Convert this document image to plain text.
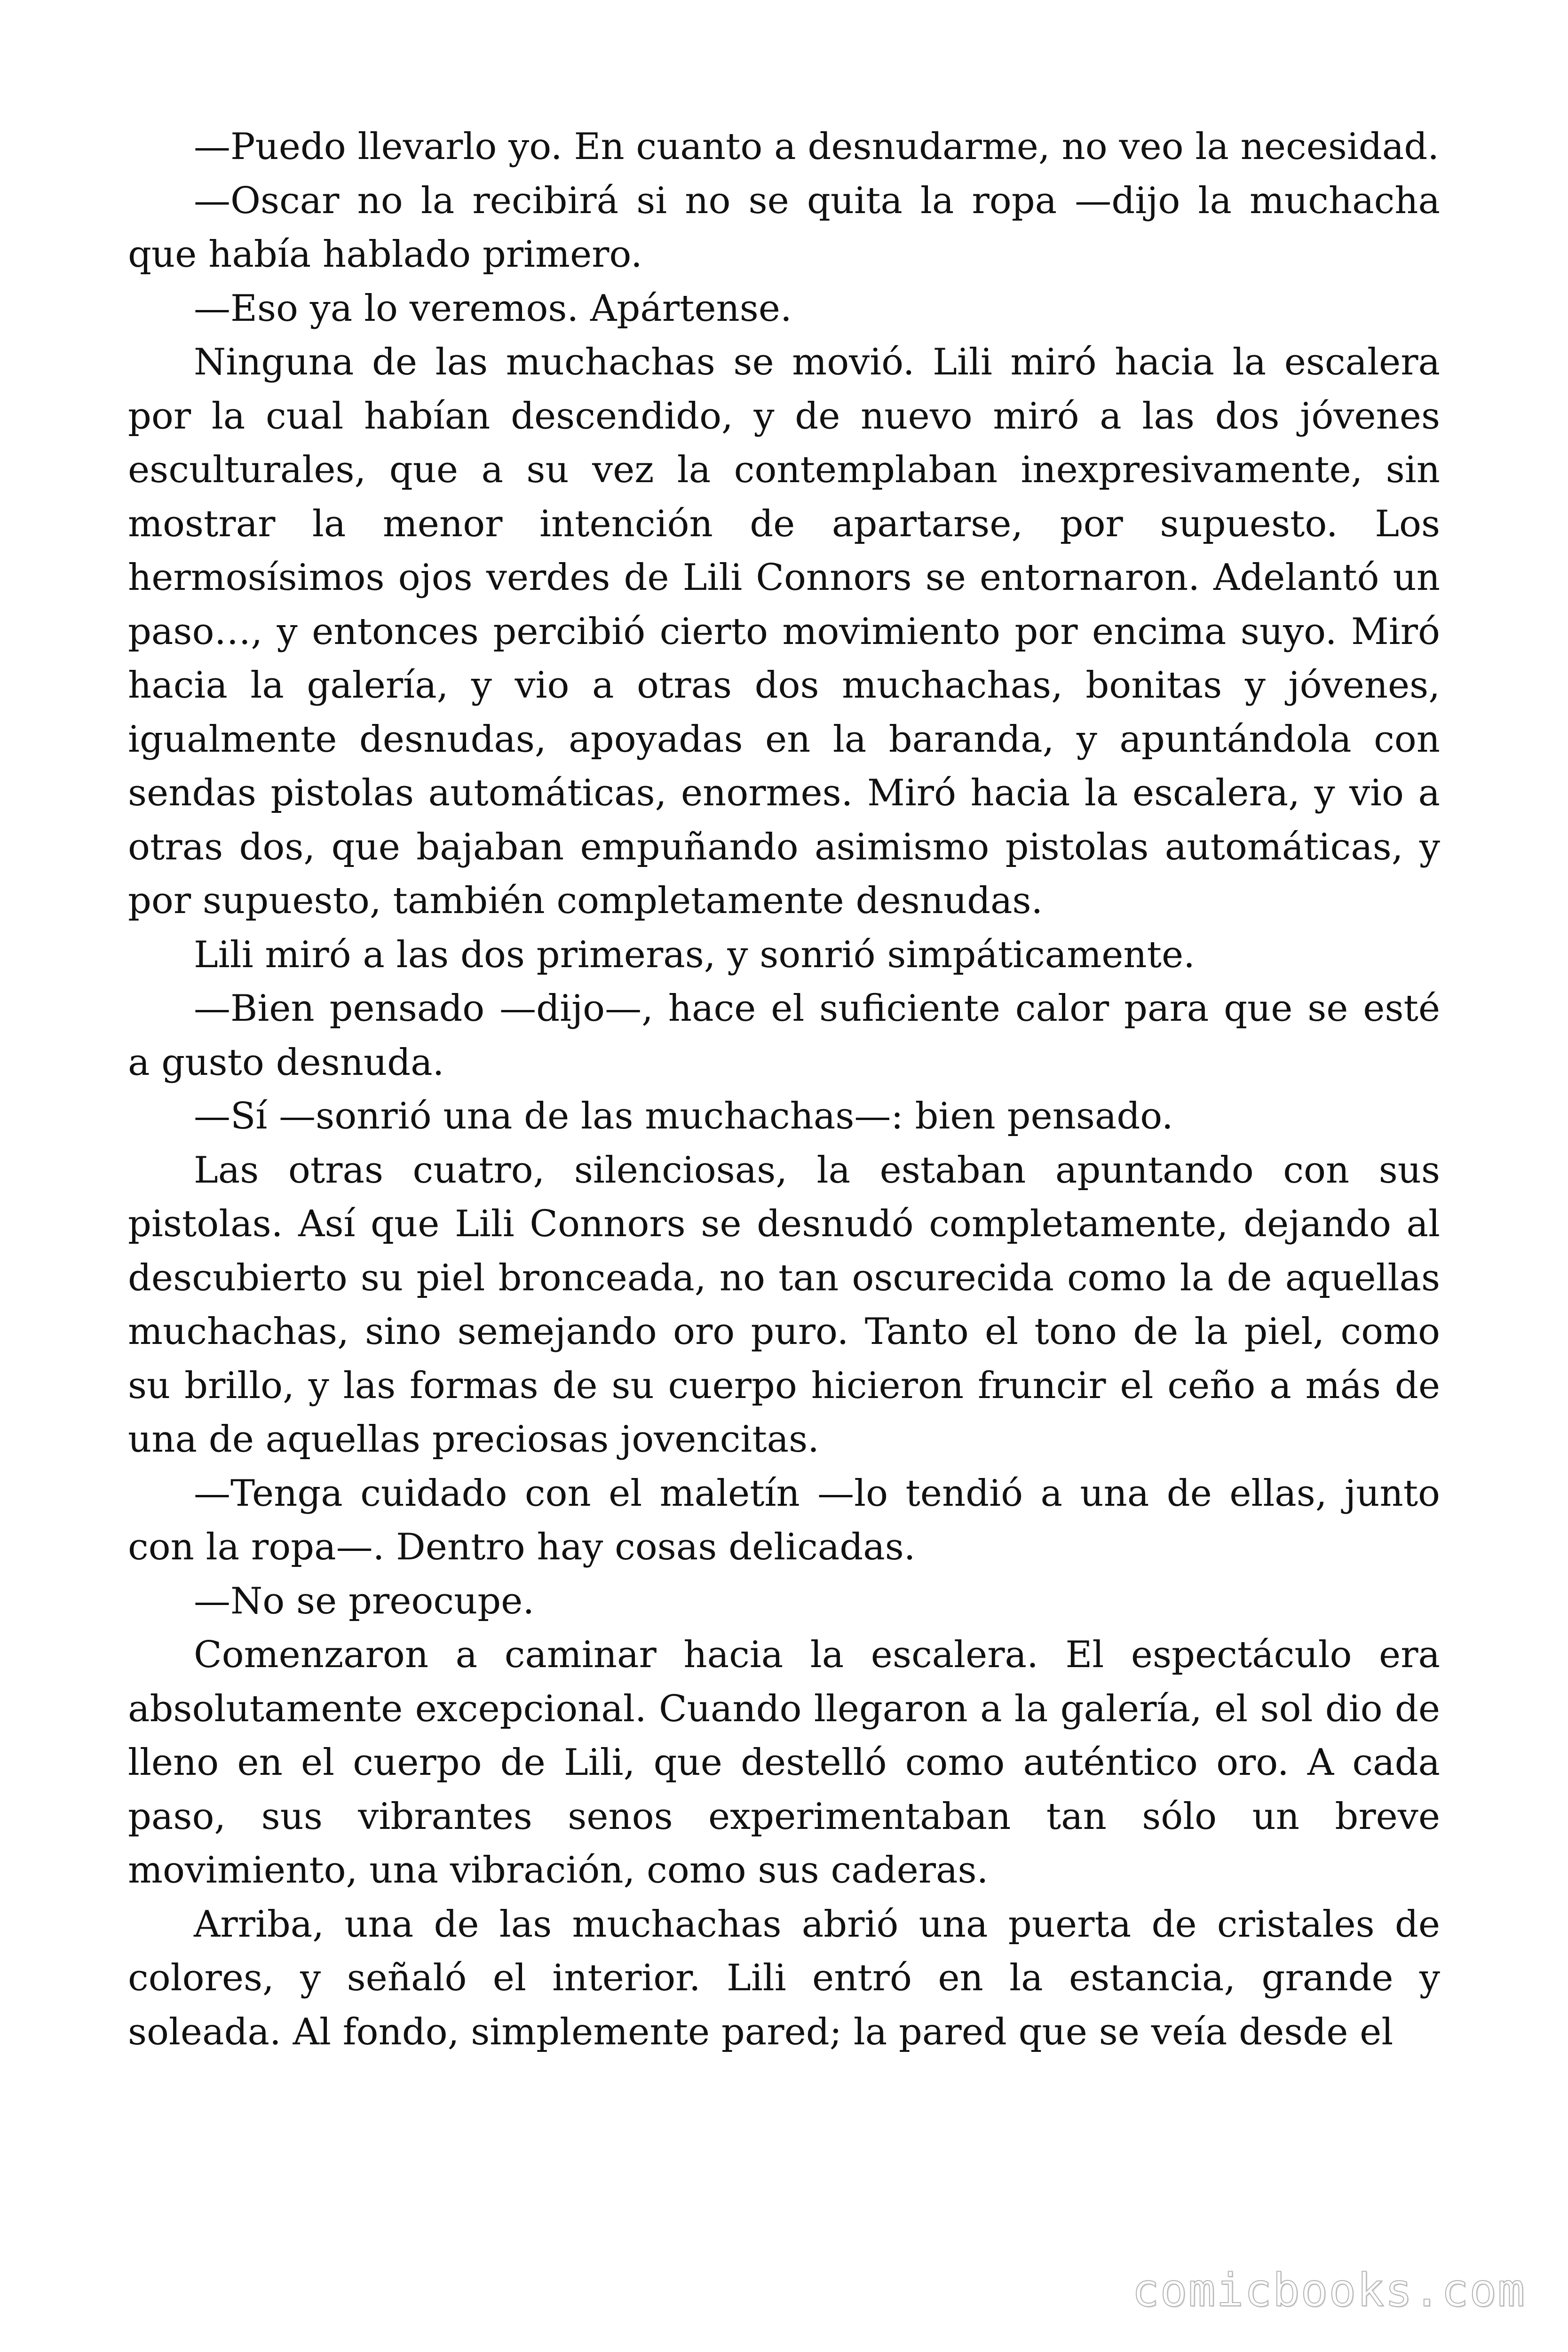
—Puedo llevarlo yo. En cuanto a desnudarme, no veo la necesidad.

—Oscar no la recibirá si no se quita la ropa —dijo la muchacha que había hablado primero.

—Eso ya lo veremos. Apártense.

Ninguna de las muchachas se movió. Lili miró hacia la escalera por la cual habían descendido, y de nuevo miró a las dos jóvenes esculturales, que a su vez la contemplaban inexpresivamente, sin mostrar la menor intención de apartarse, por supuesto. Los hermosísimos ojos verdes de Lili Connors se entornaron. Adelantó un paso…, y entonces percibió cierto movimiento por encima suyo. Miró hacia la galería, y vio a otras dos muchachas, bonitas y jóvenes, igualmente desnudas, apoyadas en la baranda, y apuntándola con sendas pistolas automáticas, enormes. Miró hacia la escalera, y vio a otras dos, que bajaban empuñando asimismo pistolas automáticas, y por supuesto, también completamente desnudas.

Lili miró a las dos primeras, y sonrió simpáticamente.

—Bien pensado —dijo—, hace el suficiente calor para que se esté a gusto desnuda.

—Sí —sonrió una de las muchachas—: bien pensado.

Las otras cuatro, silenciosas, la estaban apuntando con sus pistolas. Así que Lili Connors se desnudó completamente, dejando al descubierto su piel bronceada, no tan oscurecida como la de aquellas muchachas, sino semejando oro puro. Tanto el tono de la piel, como su brillo, y las formas de su cuerpo hicieron fruncir el ceño a más de una de aquellas preciosas jovencitas.

—Tenga cuidado con el maletín —lo tendió a una de ellas, junto con la ropa—. Dentro hay cosas delicadas.

—No se preocupe.

Comenzaron a caminar hacia la escalera. El espectáculo era absolutamente excepcional. Cuando llegaron a la galería, el sol dio de lleno en el cuerpo de Lili, que destelló como auténtico oro. A cada paso, sus vibrantes senos experimentaban tan sólo un breve movimiento, una vibración, como sus caderas.

Arriba, una de las muchachas abrió una puerta de cristales de colores, y señaló el interior. Lili entró en la estancia, grande y soleada. Al fondo, simplemente pared; la pared que se veía desde el

comicbooks.com
